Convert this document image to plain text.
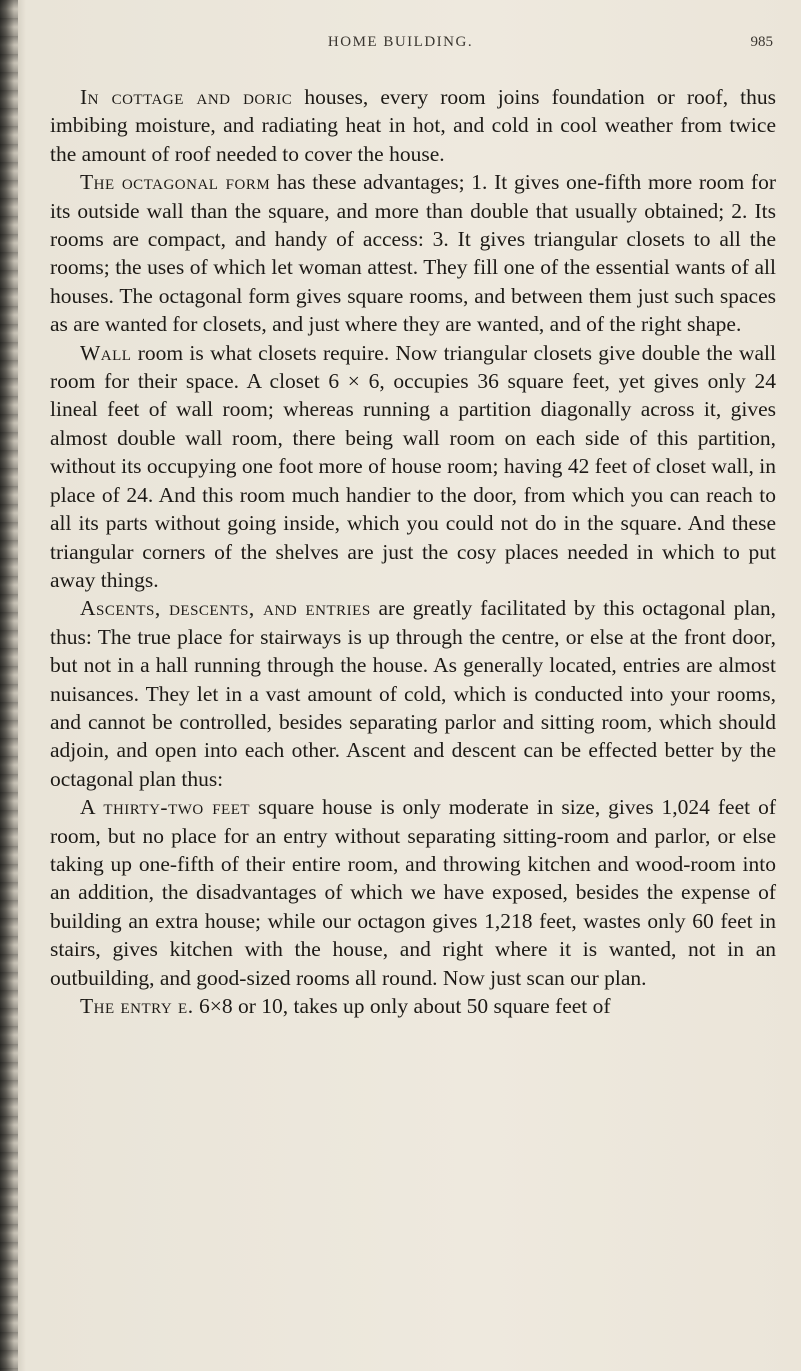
HOME BUILDING.	985

In cottage and doric houses, every room joins foundation or roof, thus imbibing moisture, and radiating heat in hot, and cold in cool weather from twice the amount of roof needed to cover the house.

The octagonal form has these advantages; 1. It gives one-fifth more room for its outside wall than the square, and more than double that usually obtained; 2. Its rooms are compact, and handy of access: 3. It gives triangular closets to all the rooms; the uses of which let woman attest. They fill one of the essential wants of all houses. The octagonal form gives square rooms, and between them just such spaces as are wanted for closets, and just where they are wanted, and of the right shape.

Wall room is what closets require. Now triangular closets give double the wall room for their space. A closet 6 × 6, occupies 36 square feet, yet gives only 24 lineal feet of wall room; whereas running a partition diagonally across it, gives almost double wall room, there being wall room on each side of this partition, without its occupying one foot more of house room; having 42 feet of closet wall, in place of 24. And this room much handier to the door, from which you can reach to all its parts without going inside, which you could not do in the square. And these triangular corners of the shelves are just the cosy places needed in which to put away things.

Ascents, descents, and entries are greatly facilitated by this octagonal plan, thus: The true place for stairways is up through the centre, or else at the front door, but not in a hall running through the house. As generally located, entries are almost nuisances. They let in a vast amount of cold, which is conducted into your rooms, and cannot be controlled, besides separating parlor and sitting room, which should adjoin, and open into each other. Ascent and descent can be effected better by the octagonal plan thus:

A thirty-two feet square house is only moderate in size, gives 1,024 feet of room, but no place for an entry without separating sitting-room and parlor, or else taking up one-fifth of their entire room, and throwing kitchen and wood-room into an addition, the disadvantages of which we have exposed, besides the expense of building an extra house; while our octagon gives 1,218 feet, wastes only 60 feet in stairs, gives kitchen with the house, and right where it is wanted, not in an outbuilding, and good-sized rooms all round. Now just scan our plan.

The entry e. 6×8 or 10, takes up only about 50 square feet of
